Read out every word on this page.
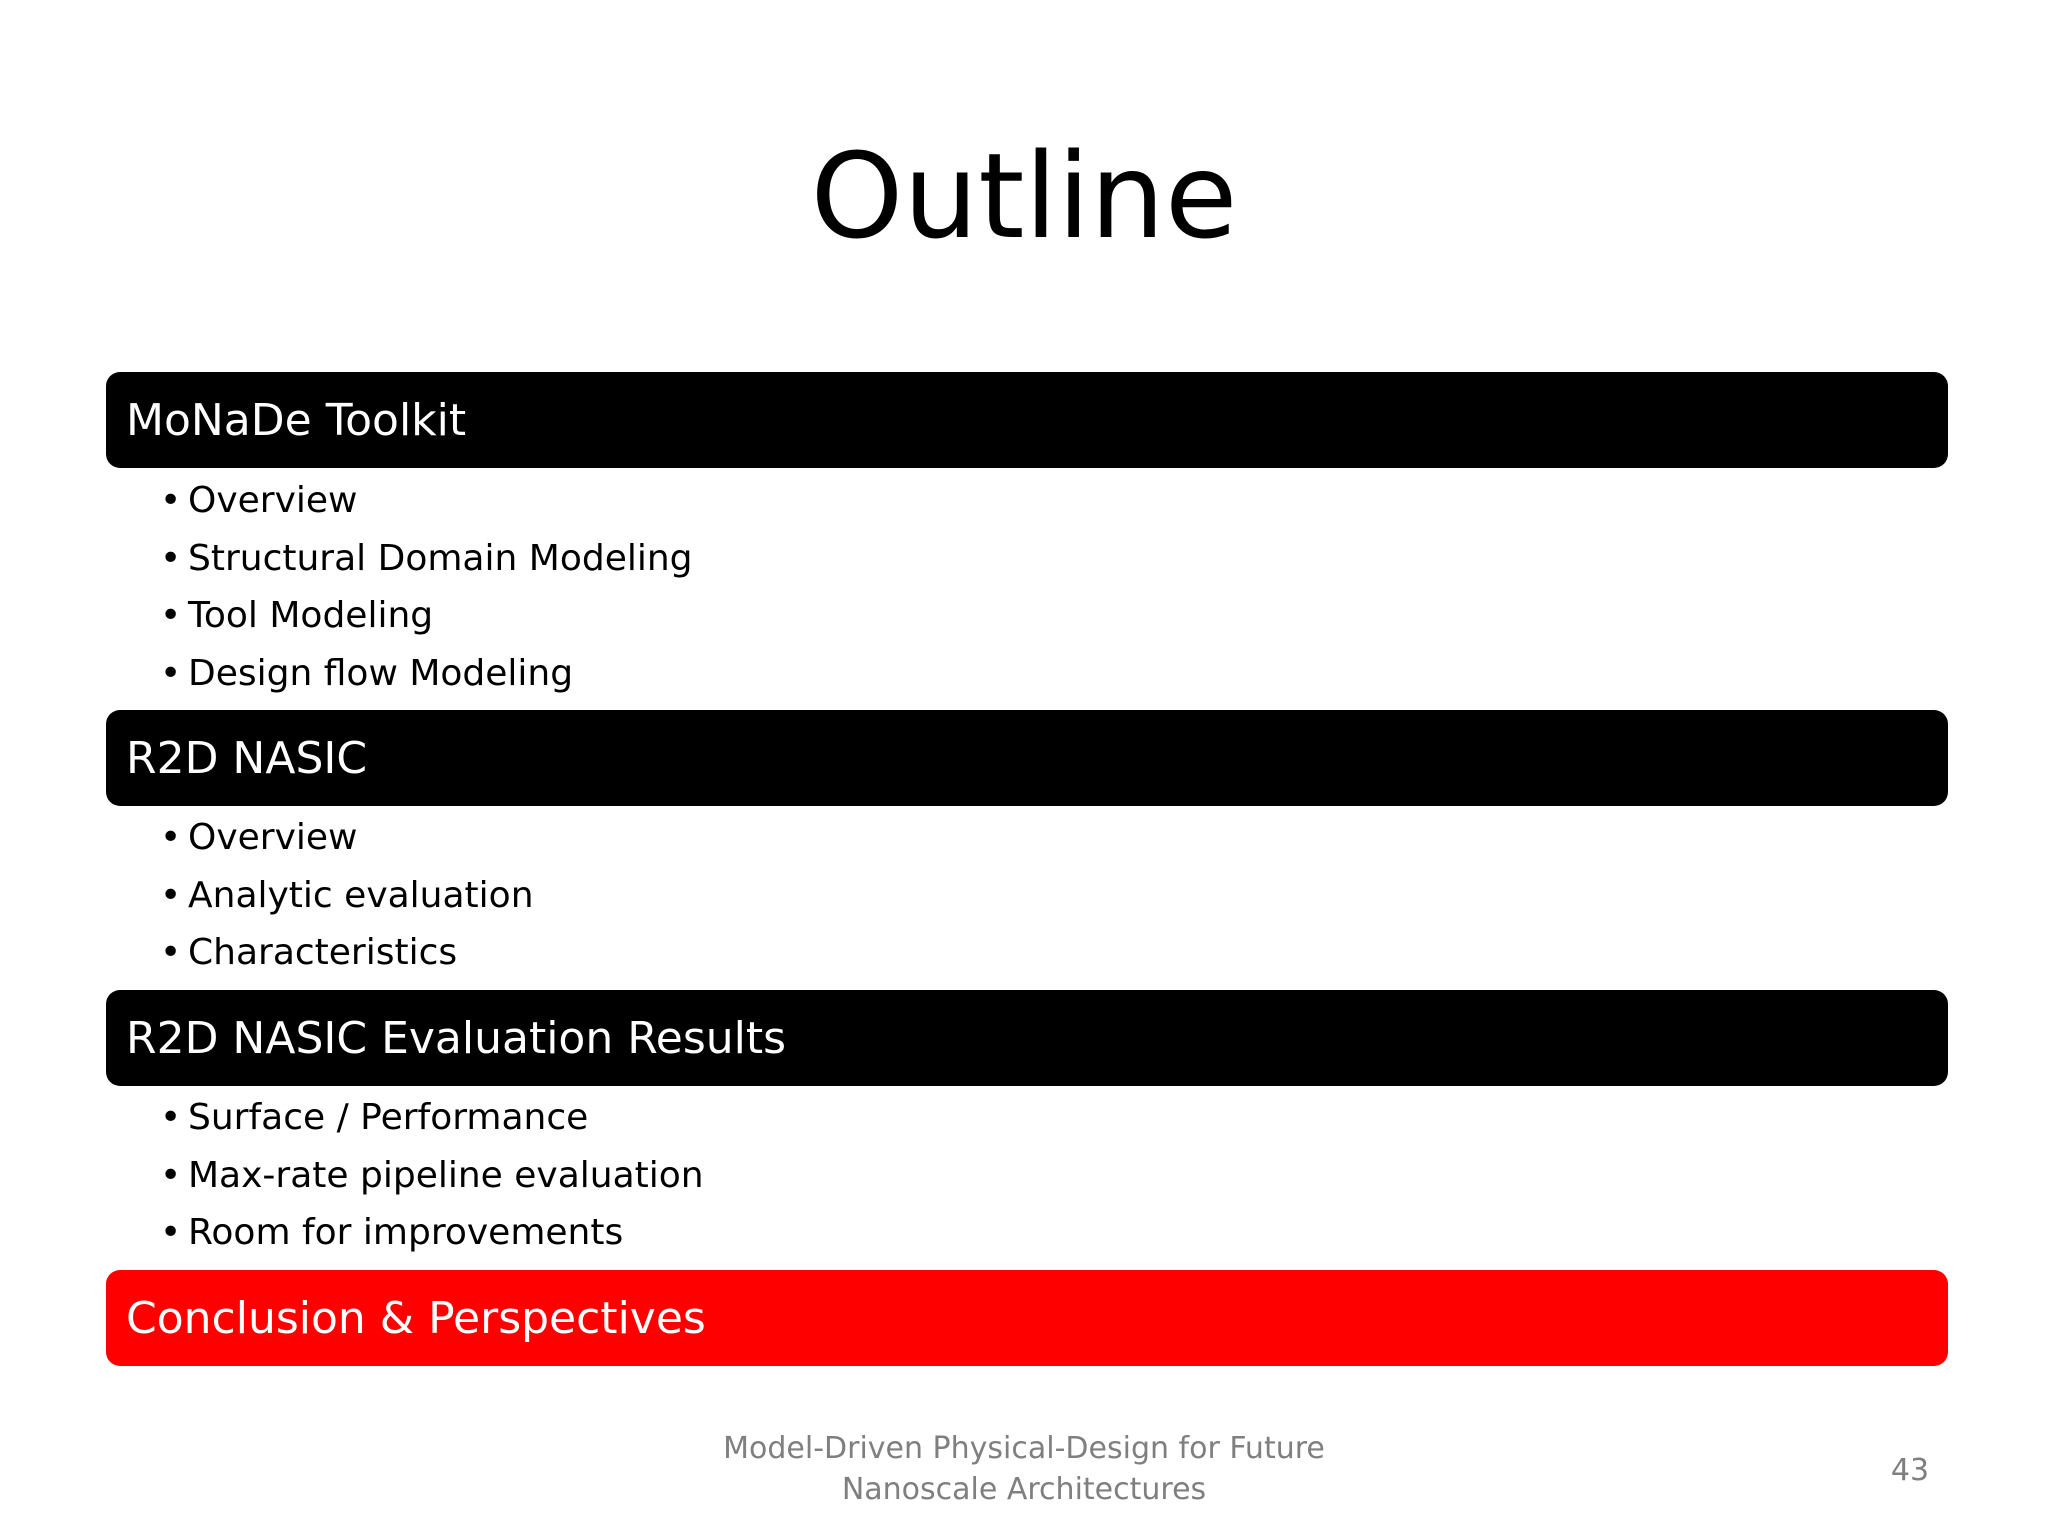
Outline
MoNaDe Toolkit
• Overview
• Structural Domain Modeling
• Tool Modeling
• Design flow Modeling
R2D NASIC
• Overview
• Analytic evaluation
• Characteristics
R2D NASIC Evaluation Results
• Surface / Performance
• Max-rate pipeline evaluation
• Room for improvements
Conclusion & Perspectives
Model-Driven Physical-Design for Future
Nanoscale Architectures
43
